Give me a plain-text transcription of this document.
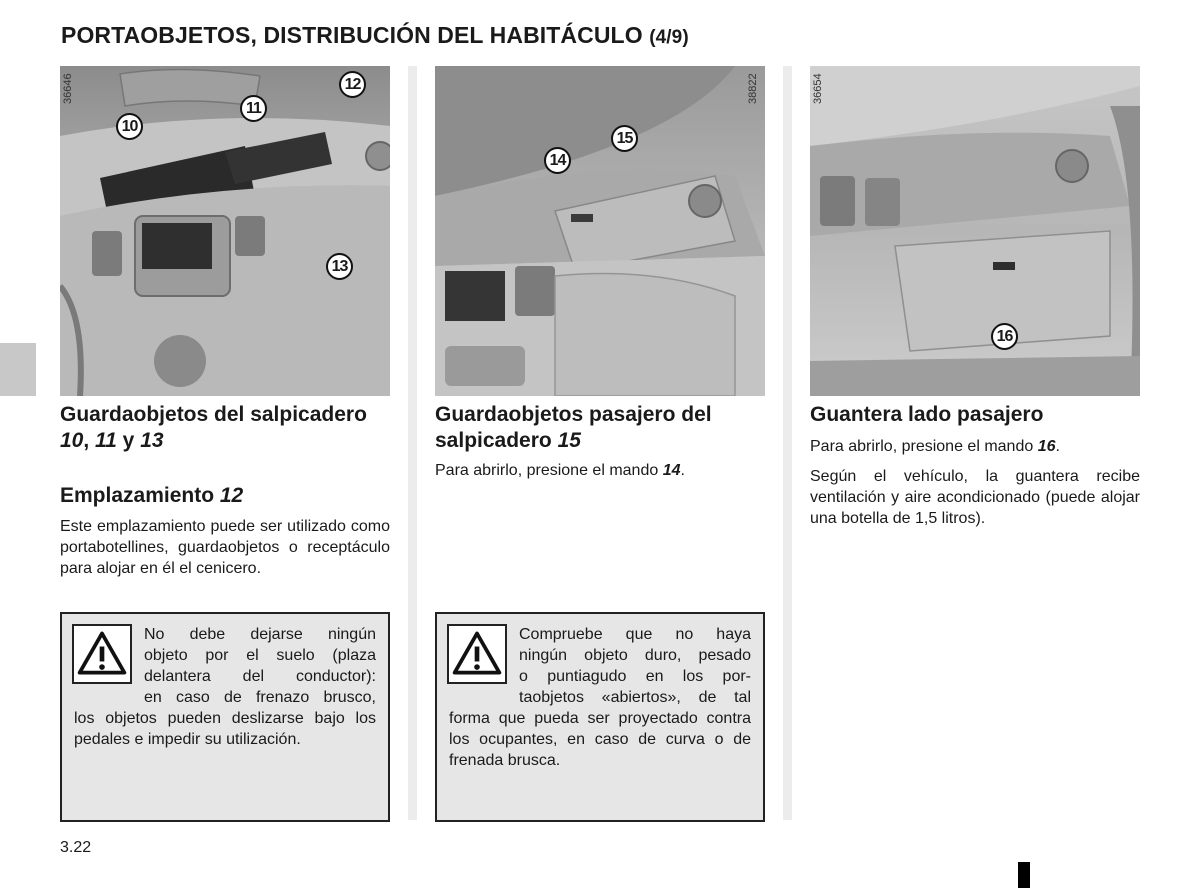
PORTAOBJETOS, DISTRIBUCIÓN DEL HABITÁCULO (4/9)
36646
10
11
12
13
38822
14
15
36654
16
Guardaobjetos del salpicadero 10, 11 y 13
Emplazamiento 12

Este emplazamiento puede ser utilizado como portabotellines, guardaobjetos o receptáculo para alojar en él el cenicero.

No debe dejarse ningún
objeto por el suelo (plaza
delantera del conductor):
en caso de frenazo brusco,
los objetos pueden deslizarse bajo los pedales e impedir su utilización.
Guardaobjetos pasajero del salpicadero 15

Para abrirlo, presione el mando 14.

Compruebe que no haya
ningún objeto duro, pesado
o puntiagudo en los por-
taobjetos «abiertos», de tal
forma que pueda ser proyectado contra los ocupantes, en caso de curva o de frenada brusca.
Guantera lado pasajero

Para abrirlo, presione el mando 16.

Según el vehículo, la guantera recibe ventilación y aire acondicionado (puede alojar una botella de 1,5 litros).

3.22
